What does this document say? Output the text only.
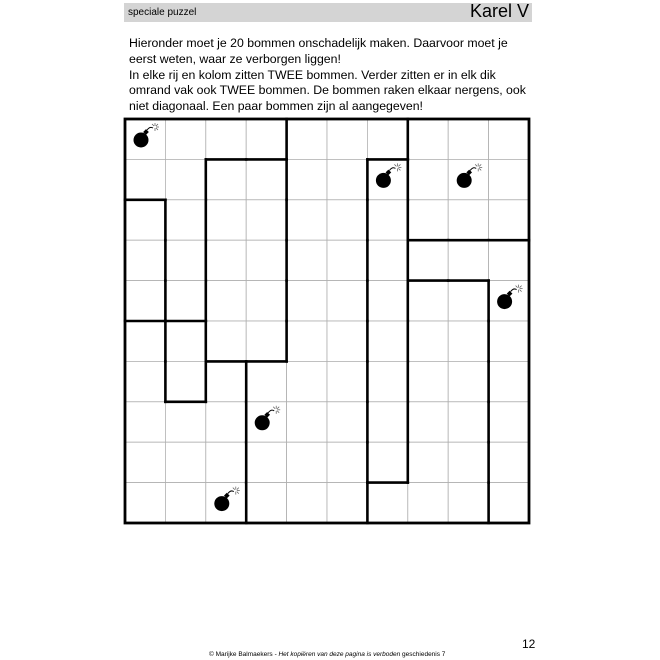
speciale puzzel	Karel V
Hieronder moet je 20 bommen onschadelijk maken. Daarvoor moet je
eerst weten, waar ze verborgen liggen!
In elke rij en kolom zitten TWEE bommen. Verder zitten er in elk dik
omrand vak ook TWEE bommen. De bommen raken elkaar nergens, ook
niet diagonaal. Een paar bommen zijn al aangegeven!
12
© Marijke Balmaekers - Het kopiëren van deze pagina is verboden geschiedenis 7
